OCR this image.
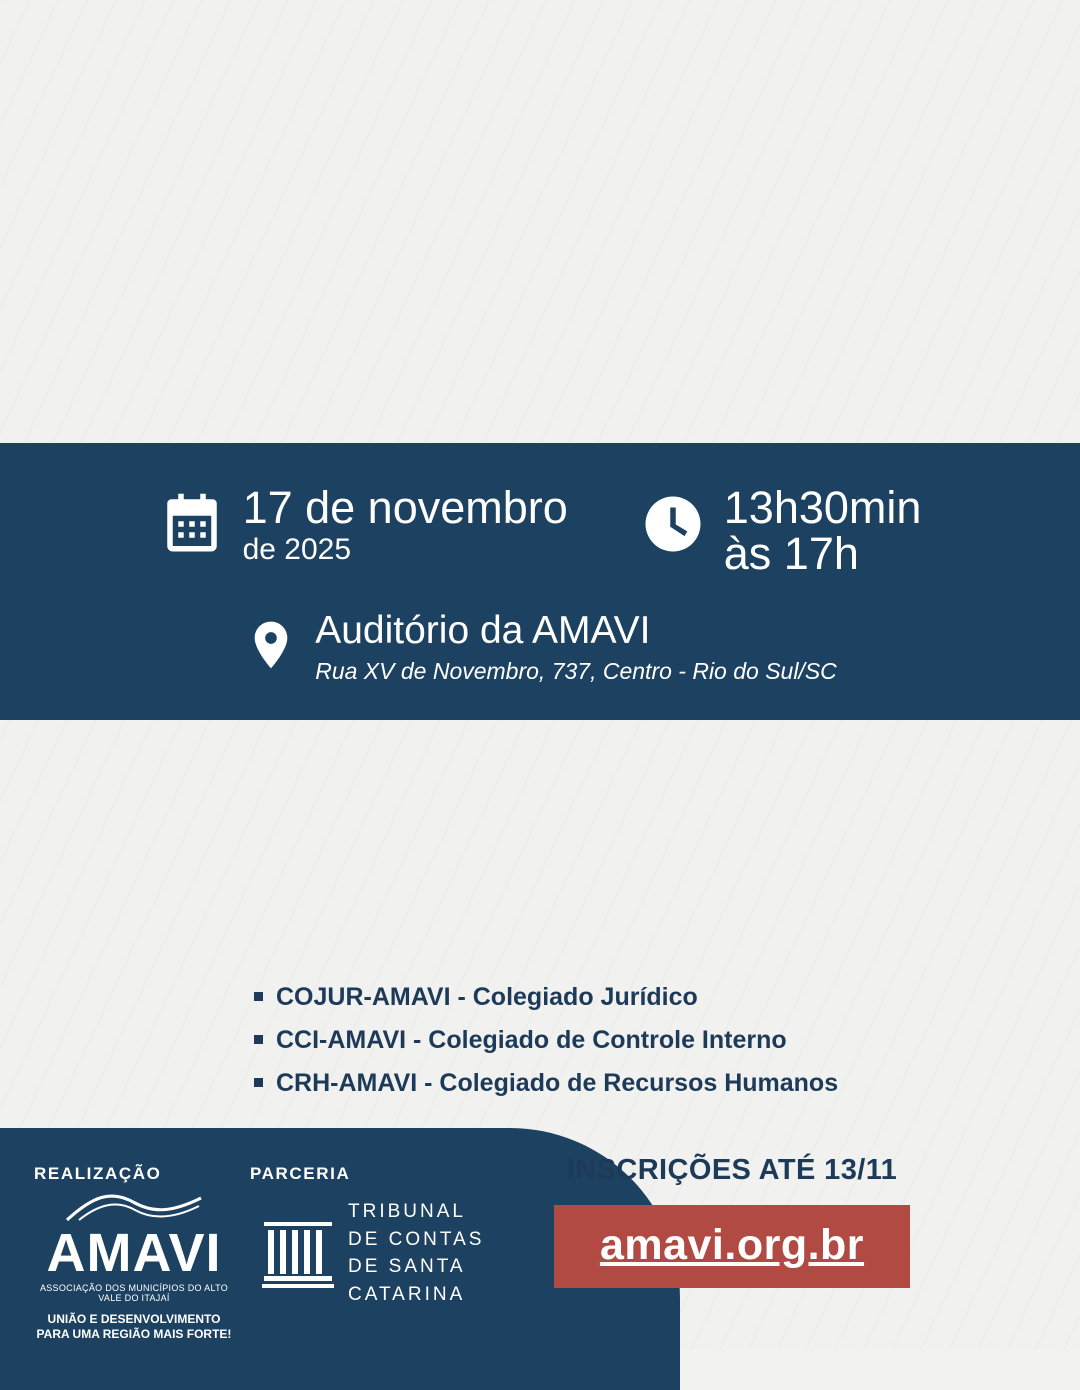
17 de novembro
de 2025
13h30min
às 17h
Auditório da AMAVI
Rua XV de Novembro, 737, Centro - Rio do Sul/SC

COJUR-AMAVI - Colegiado Jurídico
CCI-AMAVI - Colegiado de Controle Interno
CRH-AMAVI - Colegiado de Recursos Humanos
REALIZAÇÃO	PARCERIA
AMAVI
ASSOCIAÇÃO DOS MUNICÍPIOS DO ALTO VALE DO ITAJAÍ
UNIÃO E DESENVOLVIMENTO
PARA UMA REGIÃO MAIS FORTE!
TRIBUNAL
DE CONTAS
DE SANTA
CATARINA
INSCRIÇÕES ATÉ 13/11
amavi.org.br
